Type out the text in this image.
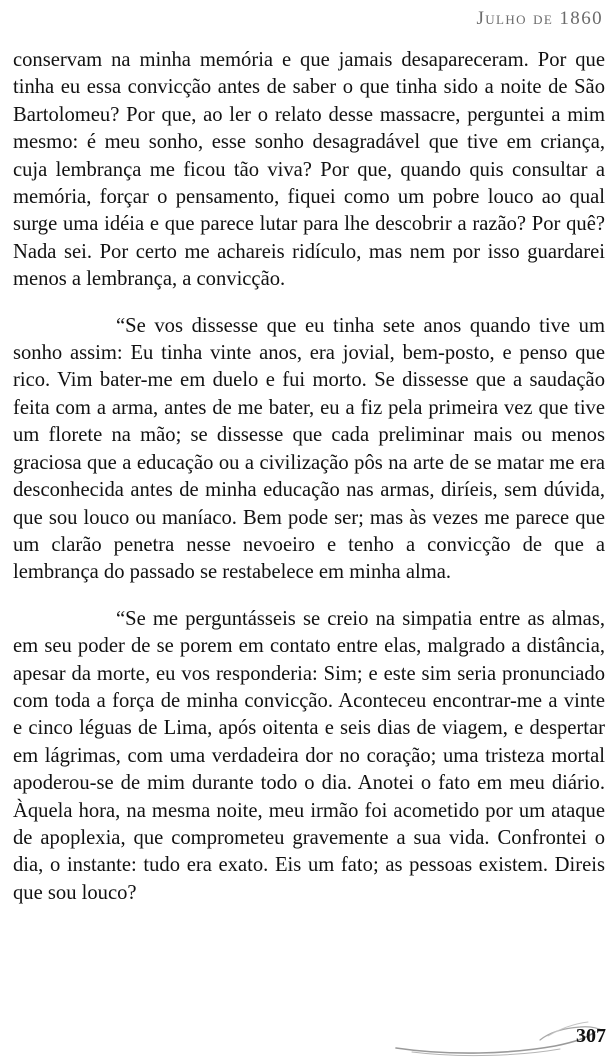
Julho de 1860

conservam na minha memória e que jamais desapareceram. Por que tinha eu essa convicção antes de saber o que tinha sido a noite de São Bartolomeu? Por que, ao ler o relato desse massacre, perguntei a mim mesmo: é meu sonho, esse sonho desagradável que tive em criança, cuja lembrança me ficou tão viva? Por que, quando quis consultar a memória, forçar o pensamento, fiquei como um pobre louco ao qual surge uma idéia e que parece lutar para lhe descobrir a razão? Por quê? Nada sei. Por certo me achareis ridículo, mas nem por isso guardarei menos a lembrança, a convicção.

“Se vos dissesse que eu tinha sete anos quando tive um sonho assim: Eu tinha vinte anos, era jovial, bem-posto, e penso que rico. Vim bater-me em duelo e fui morto. Se dissesse que a saudação feita com a arma, antes de me bater, eu a fiz pela primeira vez que tive um florete na mão; se dissesse que cada preliminar mais ou menos graciosa que a educação ou a civilização pôs na arte de se matar me era desconhecida antes de minha educação nas armas, diríeis, sem dúvida, que sou louco ou maníaco. Bem pode ser; mas às vezes me parece que um clarão penetra nesse nevoeiro e tenho a convicção de que a lembrança do passado se restabelece em minha alma.

“Se me perguntásseis se creio na simpatia entre as almas, em seu poder de se porem em contato entre elas, malgrado a distância, apesar da morte, eu vos responderia: Sim; e este sim seria pronunciado com toda a força de minha convicção. Aconteceu encontrar-me a vinte e cinco léguas de Lima, após oitenta e seis dias de viagem, e despertar em lágrimas, com uma verdadeira dor no coração; uma tristeza mortal apoderou-se de mim durante todo o dia. Anotei o fato em meu diário. Àquela hora, na mesma noite, meu irmão foi acometido por um ataque de apoplexia, que comprometeu gravemente a sua vida. Confrontei o dia, o instante: tudo era exato. Eis um fato; as pessoas existem. Direis que sou louco?

307
